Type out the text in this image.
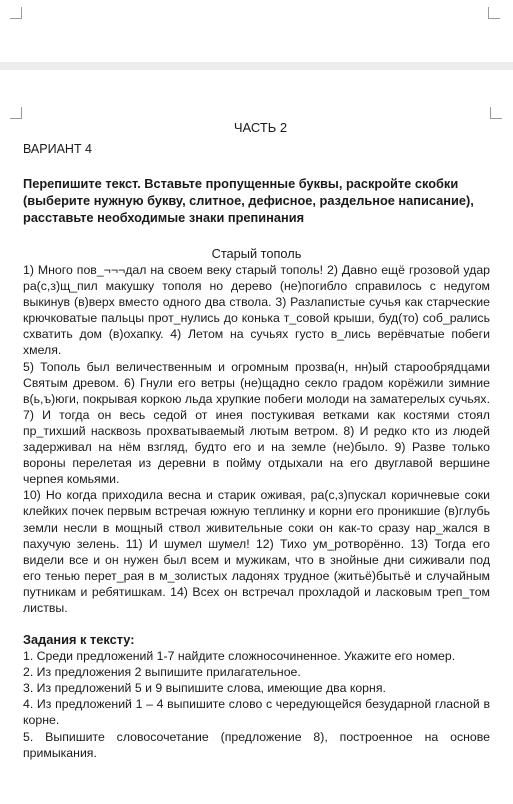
ЧАСТЬ 2
ВАРИАНТ 4
Перепишите текст. Вставьте пропущенные буквы, раскройте скобки (выберите нужную букву, слитное, дефисное, раздельное написание), расставьте необходимые знаки препинания
Старый тополь
1) Много пов_¬¬¬дал на своем веку старый тополь! 2) Давно ещё грозовой удар ра(с,з)щ_пил макушку тополя но дерево (не)погибло справилось с недугом выкинув (в)верх вместо одного два ствола. 3) Разлапистые сучья как старческие крючковатые пальцы прот_нулись до конька т_совой крыши, буд(то) соб_рались схватить дом (в)охапку. 4) Летом на сучьях густо в_лись верёвчатые побеги хмеля.
5) Тополь был величественным и огромным прозва(н, нн)ый старообрядцами Святым древом. 6) Гнули его ветры (не)щадно секло градом корёжили зимние в(ь,ъ)юги, покрывая коркою льда хрупкие побеги молоди на заматерелых сучьях. 7) И тогда он весь седой от инея постукивая ветками как костями стоял пр_тихший насквозь прохватываемый лютым ветром. 8) И редко кто из людей задерживал на нём взгляд, будто его и на земле (не)было. 9) Разве только вороны перелетая из деревни в пойму отдыхали на его двуглавой вершине черneя комьями.
10) Но когда приходила весна и старик оживая, ра(с,з)пускал коричневые соки клейких почек первым встречая южную теплинку и корни его проникшие (в)глубь земли несли в мощный ствол живительные соки он как-то сразу нар_жался в пахучую зелень. 11) И шумел шумел! 12) Тихо ум_ротворённо. 13) Тогда его видели все и он нужен был всем и мужикам, что в знойные дни сиживали под его тенью перет_рая в м_золистых ладонях трудное (житьё)бытьё и случайным путникам и ребятишкам. 14) Всех он встречал прохладой и ласковым треп_том листвы.
Задания к тексту:
1. Среди предложений 1-7 найдите сложносочиненное. Укажите его номер.
2. Из предложения 2 выпишите прилагательное.
3. Из предложений 5 и 9 выпишите слова, имеющие два корня.
4. Из предложений 1 – 4 выпишите слово с чередующейся безударной гласной в корне.
5. Выпишите словосочетание (предложение 8), построенное на основе примыкания.
